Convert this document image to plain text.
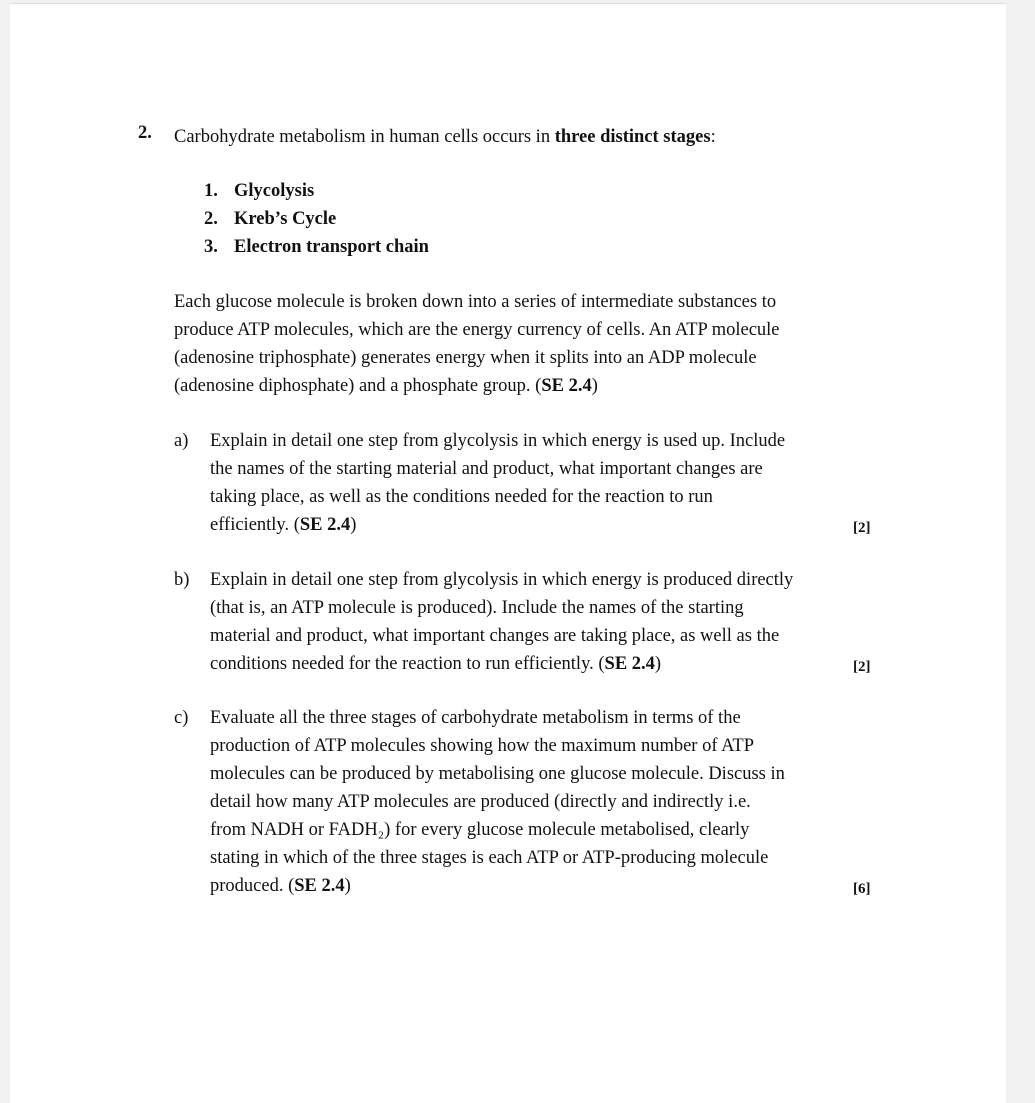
2. Carbohydrate metabolism in human cells occurs in three distinct stages:

1. Glycolysis
2. Kreb’s Cycle
3. Electron transport chain

Each glucose molecule is broken down into a series of intermediate substances to
produce ATP molecules, which are the energy currency of cells. An ATP molecule
(adenosine triphosphate) generates energy when it splits into an ADP molecule
(adenosine diphosphate) and a phosphate group. (SE 2.4)

a) Explain in detail one step from glycolysis in which energy is used up. Include
the names of the starting material and product, what important changes are
taking place, as well as the conditions needed for the reaction to run
efficiently. (SE 2.4)	[2]
b) Explain in detail one step from glycolysis in which energy is produced directly
(that is, an ATP molecule is produced). Include the names of the starting
material and product, what important changes are taking place, as well as the
conditions needed for the reaction to run efficiently. (SE 2.4)	[2]
c) Evaluate all the three stages of carbohydrate metabolism in terms of the
production of ATP molecules showing how the maximum number of ATP
molecules can be produced by metabolising one glucose molecule. Discuss in
detail how many ATP molecules are produced (directly and indirectly i.e.
from NADH or FADH₂) for every glucose molecule metabolised, clearly
stating in which of the three stages is each ATP or ATP-producing molecule
produced. (SE 2.4)	[6]
